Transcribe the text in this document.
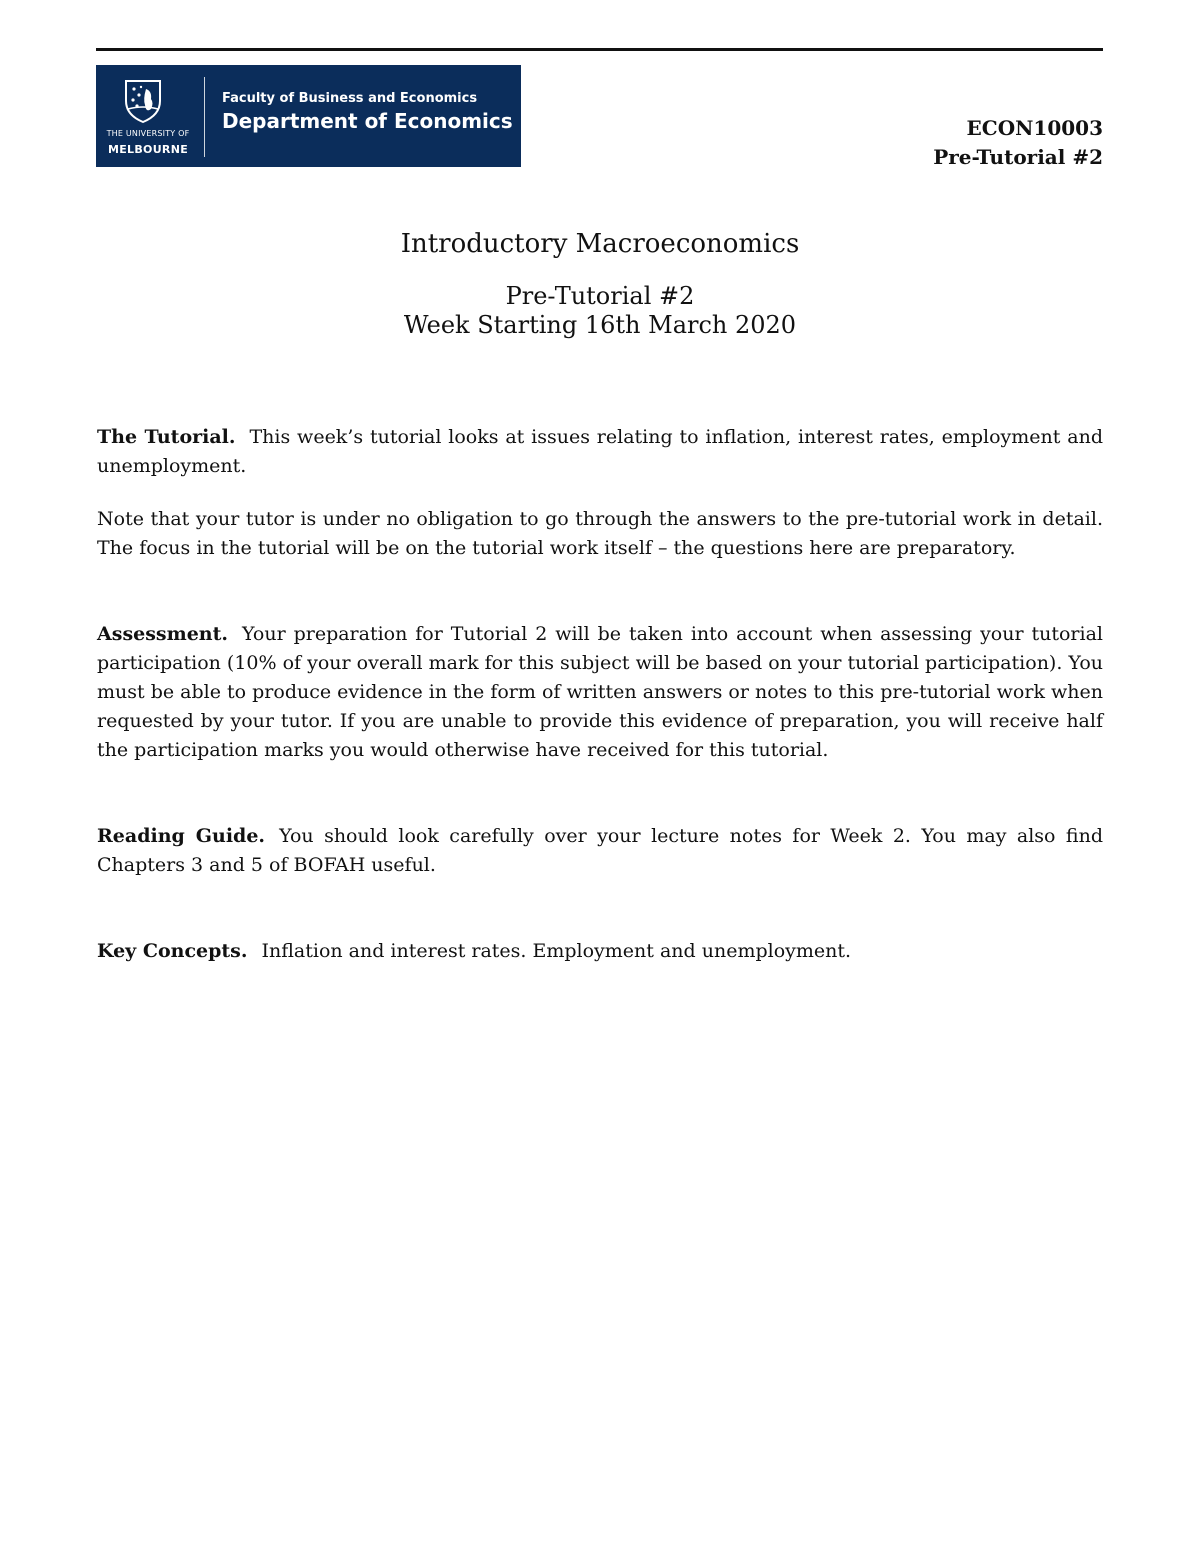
THE UNIVERSITY OF
MELBOURNE
Faculty of Business and Economics
Department of Economics	ECON10003
Pre-Tutorial #2
Introductory Macroeconomics
Pre-Tutorial #2
Week Starting 16th March 2020

The Tutorial. This week’s tutorial looks at issues relating to inflation, interest rates, employment and unemployment.

Note that your tutor is under no obligation to go through the answers to the pre-tutorial work in detail. The focus in the tutorial will be on the tutorial work itself – the questions here are preparatory.

Assessment. Your preparation for Tutorial 2 will be taken into account when assessing your tutorial participation (10% of your overall mark for this subject will be based on your tutorial participation). You must be able to produce evidence in the form of written answers or notes to this pre-tutorial work when requested by your tutor. If you are unable to provide this evidence of preparation, you will receive half the participation marks you would otherwise have received for this tutorial.

Reading Guide. You should look carefully over your lecture notes for Week 2. You may also find Chapters 3 and 5 of BOFAH useful.

Key Concepts. Inflation and interest rates. Employment and unemployment.
